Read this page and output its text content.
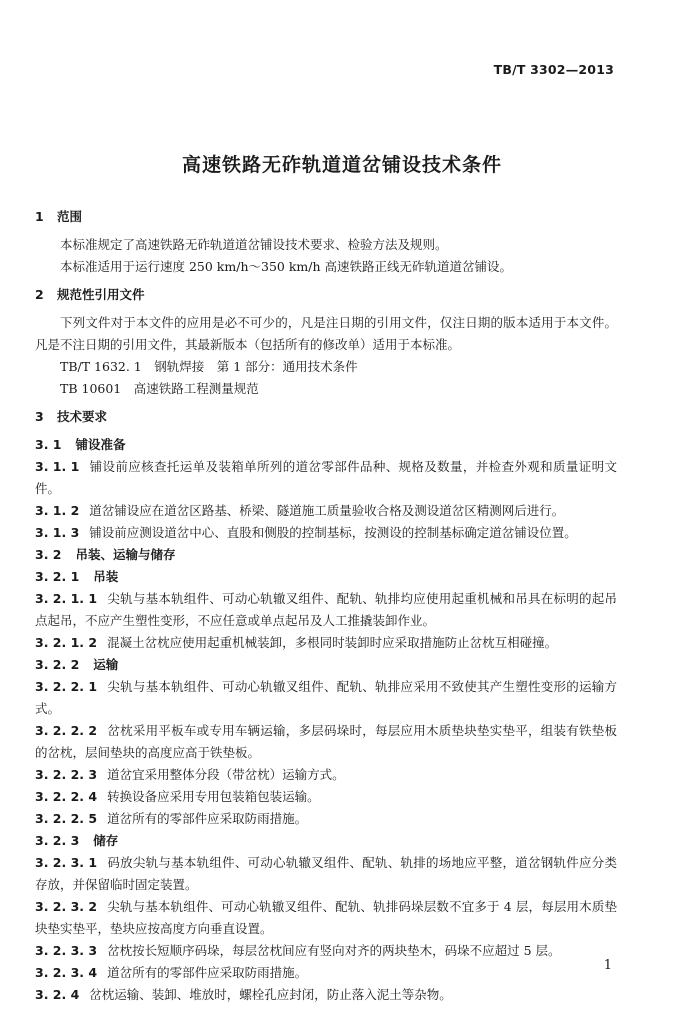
TB/T 3302—2013
高速铁路无砟轨道道岔铺设技术条件
1 范围
本标准规定了高速铁路无砟轨道道岔铺设技术要求、检验方法及规则。
本标准适用于运行速度 250 km/h～350 km/h 高速铁路正线无砟轨道道岔铺设。
2 规范性引用文件
下列文件对于本文件的应用是必不可少的，凡是注日期的引用文件，仅注日期的版本适用于本文件。凡是不注日期的引用文件，其最新版本（包括所有的修改单）适用于本标准。
TB/T 1632. 1　钢轨焊接　第 1 部分：通用技术条件
TB 10601　高速铁路工程测量规范
3 技术要求
3. 1 铺设准备
3. 1. 1 铺设前应核查托运单及装箱单所列的道岔零部件品种、规格及数量，并检查外观和质量证明文件。
3. 1. 2 道岔铺设应在道岔区路基、桥梁、隧道施工质量验收合格及测设道岔区精测网后进行。
3. 1. 3 铺设前应测设道岔中心、直股和侧股的控制基标，按测设的控制基标确定道岔铺设位置。
3. 2 吊装、运输与储存
3. 2. 1 吊装
3. 2. 1. 1 尖轨与基本轨组件、可动心轨辙叉组件、配轨、轨排均应使用起重机械和吊具在标明的起吊点起吊，不应产生塑性变形，不应任意或单点起吊及人工推撬装卸作业。
3. 2. 1. 2 混凝土岔枕应使用起重机械装卸，多根同时装卸时应采取措施防止岔枕互相碰撞。
3. 2. 2 运输
3. 2. 2. 1 尖轨与基本轨组件、可动心轨辙叉组件、配轨、轨排应采用不致使其产生塑性变形的运输方式。
3. 2. 2. 2 岔枕采用平板车或专用车辆运输，多层码垛时，每层应用木质垫块垫实垫平，组装有铁垫板的岔枕，层间垫块的高度应高于铁垫板。
3. 2. 2. 3 道岔宜采用整体分段（带岔枕）运输方式。
3. 2. 2. 4 转换设备应采用专用包装箱包装运输。
3. 2. 2. 5 道岔所有的零部件应采取防雨措施。
3. 2. 3 储存
3. 2. 3. 1 码放尖轨与基本轨组件、可动心轨辙叉组件、配轨、轨排的场地应平整，道岔钢轨件应分类存放，并保留临时固定装置。
3. 2. 3. 2 尖轨与基本轨组件、可动心轨辙叉组件、配轨、轨排码垛层数不宜多于 4 层，每层用木质垫块垫实垫平，垫块应按高度方向垂直设置。
3. 2. 3. 3 岔枕按长短顺序码垛，每层岔枕间应有竖向对齐的两块垫木，码垛不应超过 5 层。
3. 2. 3. 4 道岔所有的零部件应采取防雨措施。
3. 2. 4 岔枕运输、装卸、堆放时，螺栓孔应封闭，防止落入泥土等杂物。
1
